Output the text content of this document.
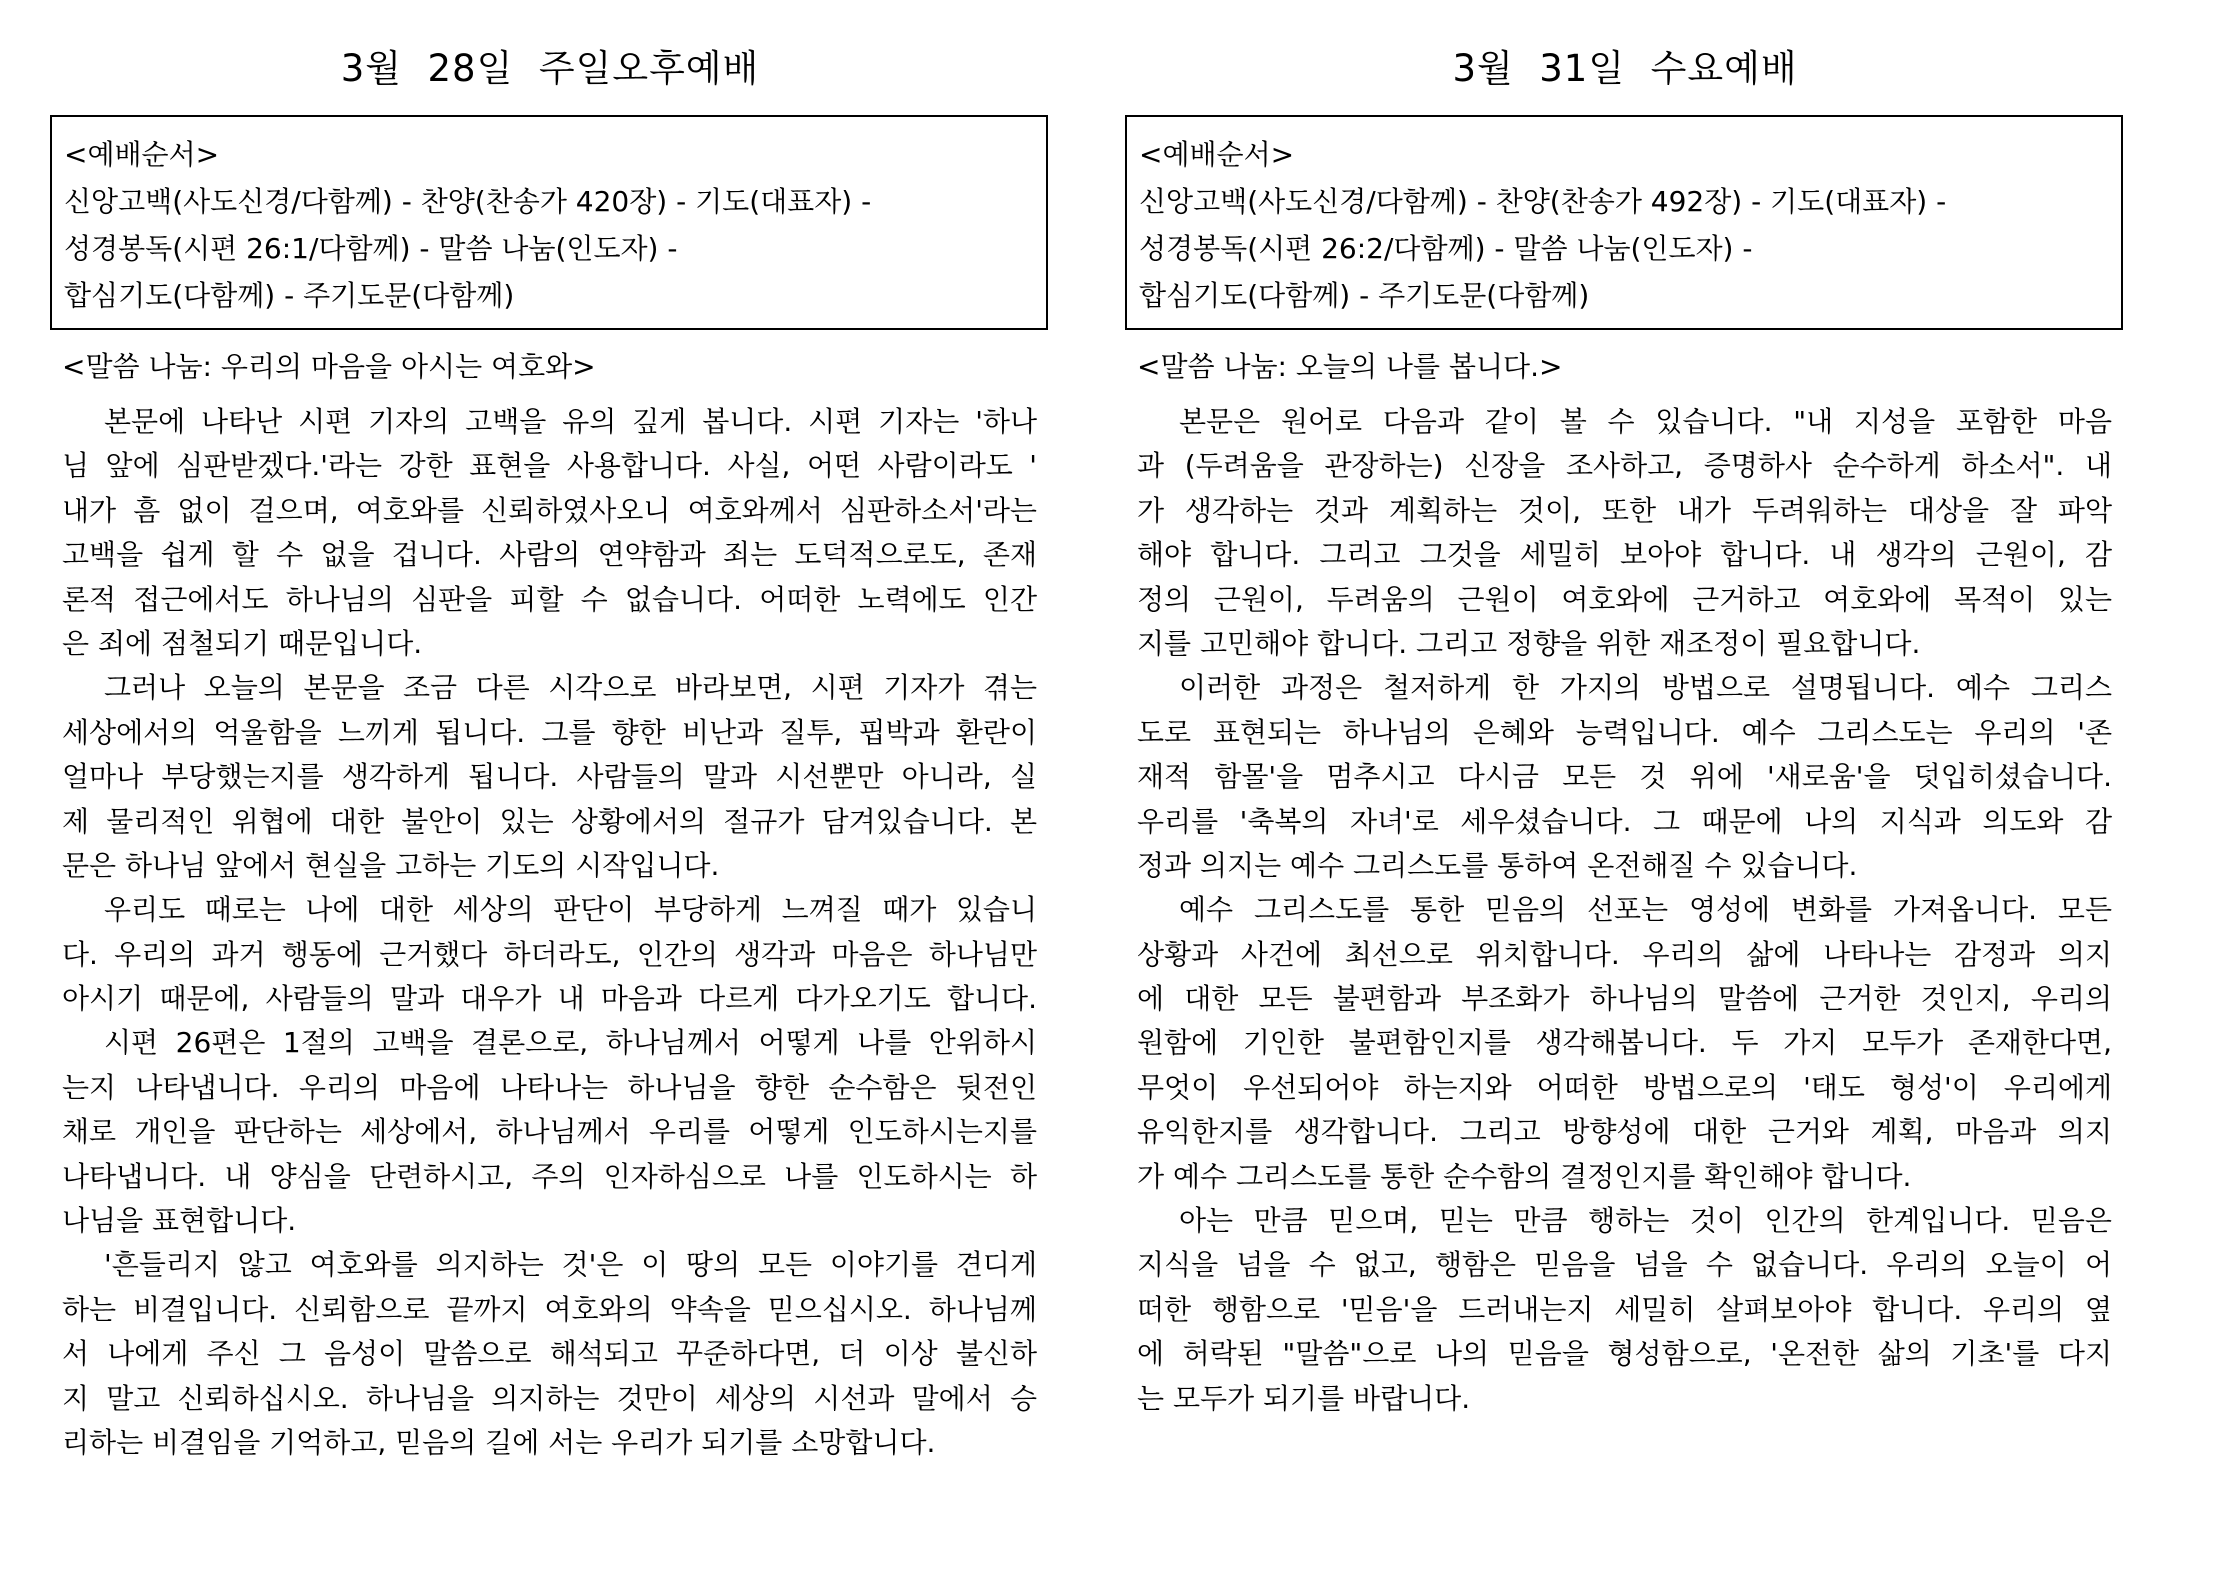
3월  28일  주일오후예배
<예배순서>
신앙고백(사도신경/다함께) - 찬양(찬송가 420장) - 기도(대표자) -
성경봉독(시편 26:1/다함께) - 말씀 나눔(인도자) -
합심기도(다함께) - 주기도문(다함께)
<말씀 나눔: 우리의 마음을 아시는 여호와>
본문에 나타난 시편 기자의 고백을 유의 깊게 봅니다. 시편 기자는 '하나
님 앞에 심판받겠다.'라는 강한 표현을 사용합니다. 사실, 어떤 사람이라도 '
내가 흠 없이 걸으며, 여호와를 신뢰하였사오니 여호와께서 심판하소서'라는
고백을 쉽게 할 수 없을 겁니다. 사람의 연약함과 죄는 도덕적으로도, 존재
론적 접근에서도 하나님의 심판을 피할 수 없습니다. 어떠한 노력에도 인간
은 죄에 점철되기 때문입니다.
그러나 오늘의 본문을 조금 다른 시각으로 바라보면, 시편 기자가 겪는
세상에서의 억울함을 느끼게 됩니다. 그를 향한 비난과 질투, 핍박과 환란이
얼마나 부당했는지를 생각하게 됩니다. 사람들의 말과 시선뿐만 아니라, 실
제 물리적인 위협에 대한 불안이 있는 상황에서의 절규가 담겨있습니다. 본
문은 하나님 앞에서 현실을 고하는 기도의 시작입니다.
우리도 때로는 나에 대한 세상의 판단이 부당하게 느껴질 때가 있습니
다. 우리의 과거 행동에 근거했다 하더라도, 인간의 생각과 마음은 하나님만
아시기 때문에, 사람들의 말과 대우가 내 마음과 다르게 다가오기도 합니다.
시편 26편은 1절의 고백을 결론으로, 하나님께서 어떻게 나를 안위하시
는지 나타냅니다. 우리의 마음에 나타나는 하나님을 향한 순수함은 뒷전인
채로 개인을 판단하는 세상에서, 하나님께서 우리를 어떻게 인도하시는지를
나타냅니다. 내 양심을 단련하시고, 주의 인자하심으로 나를 인도하시는 하
나님을 표현합니다.
'흔들리지 않고 여호와를 의지하는 것'은 이 땅의 모든 이야기를 견디게
하는 비결입니다. 신뢰함으로 끝까지 여호와의 약속을 믿으십시오. 하나님께
서 나에게 주신 그 음성이 말씀으로 해석되고 꾸준하다면, 더 이상 불신하
지 말고 신뢰하십시오. 하나님을 의지하는 것만이 세상의 시선과 말에서 승
리하는 비결임을 기억하고, 믿음의 길에 서는 우리가 되기를 소망합니다.
3월  31일  수요예배
<예배순서>
신앙고백(사도신경/다함께) - 찬양(찬송가 492장) - 기도(대표자) -
성경봉독(시편 26:2/다함께) - 말씀 나눔(인도자) -
합심기도(다함께) - 주기도문(다함께)
<말씀 나눔: 오늘의 나를 봅니다.>
본문은 원어로 다음과 같이 볼 수 있습니다. "내 지성을 포함한 마음
과 (두려움을 관장하는) 신장을 조사하고, 증명하사 순수하게 하소서". 내
가 생각하는 것과 계획하는 것이, 또한 내가 두려워하는 대상을 잘 파악
해야 합니다. 그리고 그것을 세밀히 보아야 합니다. 내 생각의 근원이, 감
정의 근원이, 두려움의 근원이 여호와에 근거하고 여호와에 목적이 있는
지를 고민해야 합니다. 그리고 정향을 위한 재조정이 필요합니다.
이러한 과정은 철저하게 한 가지의 방법으로 설명됩니다. 예수 그리스
도로 표현되는 하나님의 은혜와 능력입니다. 예수 그리스도는 우리의 '존
재적 함몰'을 멈추시고 다시금 모든 것 위에 '새로움'을 덧입히셨습니다.
우리를 '축복의 자녀'로 세우셨습니다. 그 때문에 나의 지식과 의도와 감
정과 의지는 예수 그리스도를 통하여 온전해질 수 있습니다.
예수 그리스도를 통한 믿음의 선포는 영성에 변화를 가져옵니다. 모든
상황과 사건에 최선으로 위치합니다. 우리의 삶에 나타나는 감정과 의지
에 대한 모든 불편함과 부조화가 하나님의 말씀에 근거한 것인지, 우리의
원함에 기인한 불편함인지를 생각해봅니다. 두 가지 모두가 존재한다면,
무엇이 우선되어야 하는지와 어떠한 방법으로의 '태도 형성'이 우리에게
유익한지를 생각합니다. 그리고 방향성에 대한 근거와 계획, 마음과 의지
가 예수 그리스도를 통한 순수함의 결정인지를 확인해야 합니다.
아는 만큼 믿으며, 믿는 만큼 행하는 것이 인간의 한계입니다. 믿음은
지식을 넘을 수 없고, 행함은 믿음을 넘을 수 없습니다. 우리의 오늘이 어
떠한 행함으로 '믿음'을 드러내는지 세밀히 살펴보아야 합니다. 우리의 옆
에 허락된 "말씀"으로 나의 믿음을 형성함으로, '온전한 삶의 기초'를 다지
는 모두가 되기를 바랍니다.
